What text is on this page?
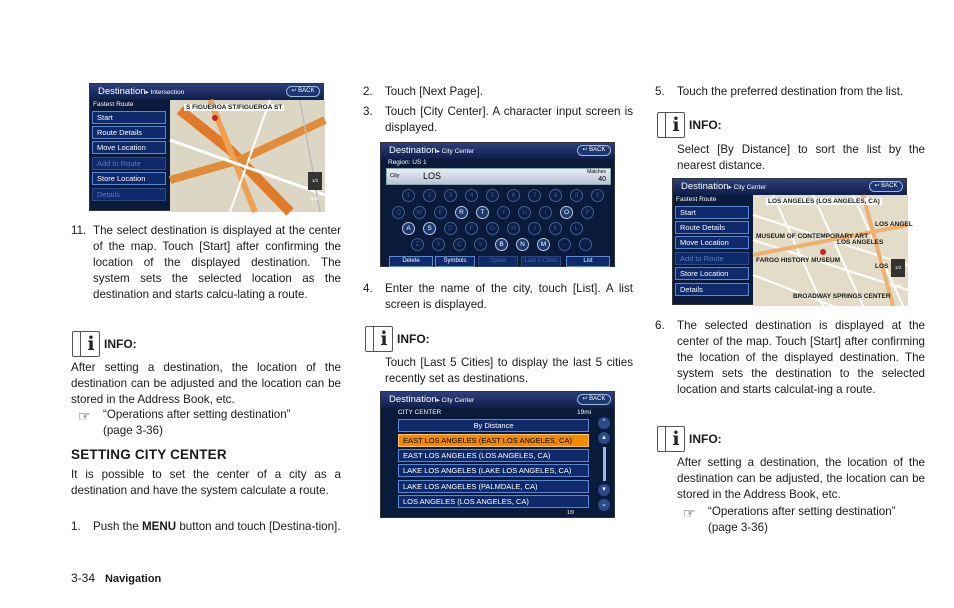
Destination▸ Intersection	↩ BACK
Fastest Route
Start
Route Details
Move Location
Add to Route
Store Location
Details
S FIGUEROA ST/FIGUEROA ST
1/2 Mile
11. The select destination is displayed at the center of the map. Touch [Start] after confirming the location of the displayed destination. The system sets the selected location as the destination and starts calcu-lating a route.
i INFO:
After setting a destination, the location of the destination can be adjusted and the location can be stored in the Address Book, etc.
☞	“Operations after setting destination”
(page 3-36)
SETTING CITY CENTER
It is possible to set the center of a city as a destination and have the system calculate a route.
1.	Push the MENU button and touch [Destina-tion].
2.	Touch [Next Page].
3.	Touch [City Center]. A character input screen is displayed.
Destination▸ City Center	↩ BACK
Region: US 1
City	LOS	Matches
40
1	2	3	4	5	6	7	8	9	0
Q	W	E	R	T	Y	U	I	O	P
A	S	D	F	G	H	J	K	L
Z	X	C	V	B	N	M	-	'
Delete	Symbols	Space	Last 5 Cities	List
4.	Enter the name of the city, touch [List]. A list screen is displayed.
i INFO:
Touch [Last 5 Cities] to display the last 5 cities recently set as destinations.
Destination▸ City Center	↩ BACK
CITY CENTER	19mi
By Distance
EAST LOS ANGELES (EAST LOS ANGELES, CA)
EAST LOS ANGELES (LOS ANGELES, CA)
LAKE LOS ANGELES (LAKE LOS ANGELES, CA)
LAKE LOS ANGELES (PALMDALE, CA)
LOS ANGELES (LOS ANGELES, CA)
⌃
▴
▾
⌄
1/9
5.	Touch the preferred destination from the list.
i INFO:
Select [By Distance] to sort the list by the nearest distance.
Destination▸ City Center	↩ BACK
Fastest Route
Start
Route Details
Move Location
Add to Route
Store Location
Details
LOS ANGELES (LOS ANGELES, CA)
MUSEUM OF CONTEMPORARY ART
LOS ANGELES
FARGO HISTORY MUSEUM
LOS ANGEL
LOS
BROADWAY SPRINGS CENTER
1/2 Mile
6.	The selected destination is displayed at the center of the map. Touch [Start] after confirming the location of the displayed destination. The system sets the destination to the selected location and starts calculat-ing a route.
i INFO:
After setting a destination, the location of the destination can be adjusted, the location can be stored in the Address Book, etc.
☞	“Operations after setting destination”
(page 3-36)
3-34 Navigation
